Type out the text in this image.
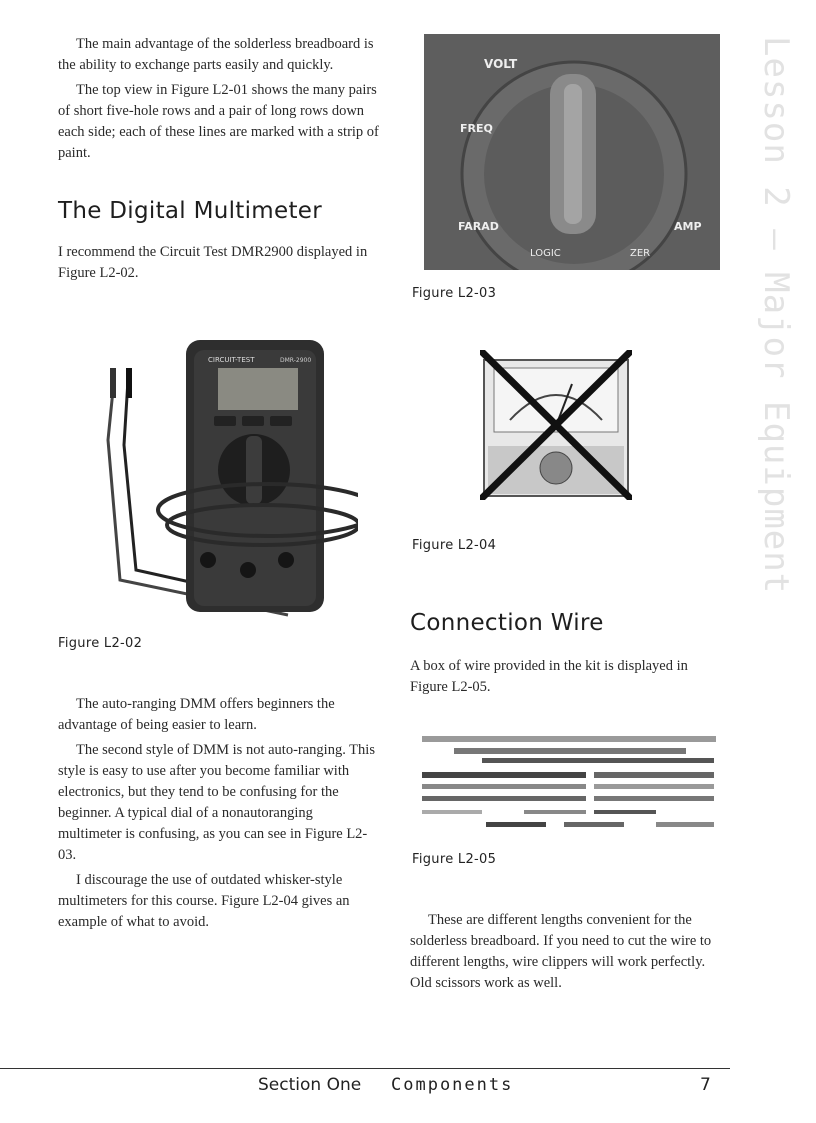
The main advantage of the solderless breadboard is the ability to exchange parts easily and quickly.

The top view in Figure L2-01 shows the many pairs of short five-hole rows and a pair of long rows down each side; each of these lines are marked with a strip of paint.

The Digital Multimeter

I recommend the Circuit Test DMR2900 displayed in Figure L2-02.

CIRCUIT-TEST	DMR-2900
Figure L2-02

The auto-ranging DMM offers beginners the advantage of being easier to learn.

The second style of DMM is not auto-ranging. This style is easy to use after you become familiar with electronics, but they tend to be confusing for the beginner. A typical dial of a nonautoranging multimeter is confusing, as you can see in Figure L2-03.

I discourage the use of outdated whisker-style multimeters for this course. Figure L2-04 gives an example of what to avoid.

VOLT
FREQ
FARAD	AMP
LOGIC	ZER
Figure L2-03
Figure L2-04
Connection Wire

A box of wire provided in the kit is displayed in Figure L2-05.

Figure L2-05

These are different lengths convenient for the solderless breadboard. If you need to cut the wire to different lengths, wire clippers will work perfectly. Old scissors work as well.

Lesson 2 — Major Equipment
Section One Components	7
